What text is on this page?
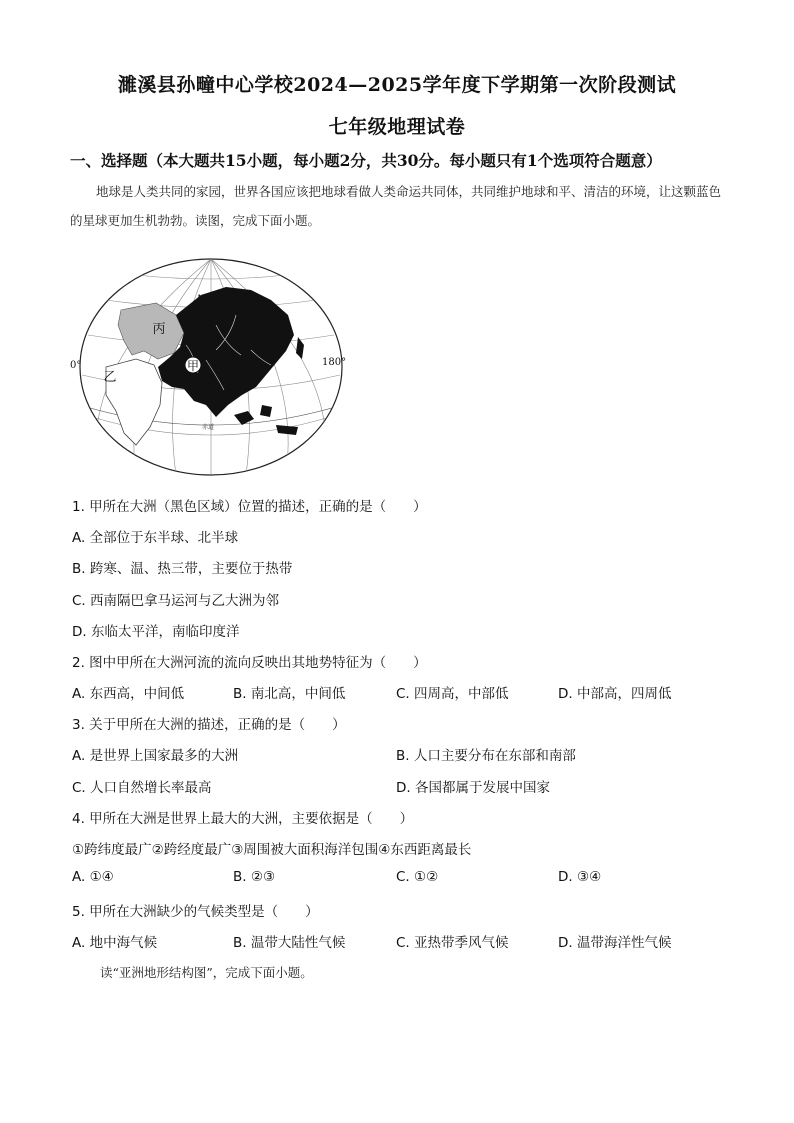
濉溪县孙疃中心学校2024—2025学年度下学期第一次阶段测试
七年级地理试卷
一、选择题（本大题共15小题，每小题2分，共30分。每小题只有1个选项符合题意）
地球是人类共同的家园，世界各国应该把地球看做人类命运共同体，共同维护地球和平、清洁的环境，让这颗蓝色的星球更加生机勃勃。读图，完成下面小题。
甲
丙
乙
N
0°	180°
赤道
1. 甲所在大洲（黑色区域）位置的描述，正确的是（　　）
A. 全部位于东半球、北半球
B. 跨寒、温、热三带，主要位于热带
C. 西南隔巴拿马运河与乙大洲为邻
D. 东临太平洋，南临印度洋
2. 图中甲所在大洲河流的流向反映出其地势特征为（　　）
A. 东西高，中间低	B. 南北高，中间低	C. 四周高，中部低	D. 中部高，四周低
3. 关于甲所在大洲的描述，正确的是（　　）
A. 是世界上国家最多的大洲	B. 人口主要分布在东部和南部
C. 人口自然增长率最高	D. 各国都属于发展中国家
4. 甲所在大洲是世界上最大的大洲，主要依据是（　　）
①跨纬度最广②跨经度最广③周围被大面积海洋包围④东西距离最长
A. ①④	B. ②③	C. ①②	D. ③④
5. 甲所在大洲缺少的气候类型是（　　）
A. 地中海气候	B. 温带大陆性气候	C. 亚热带季风气候	D. 温带海洋性气候
读“亚洲地形结构图”，完成下面小题。
